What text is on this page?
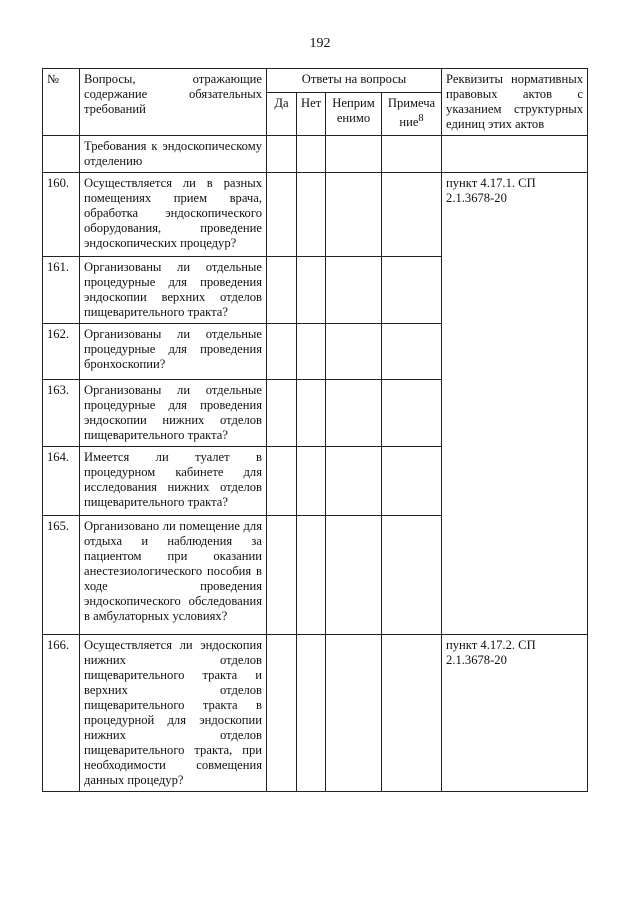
192
№	Вопросы, отражающие содержание обязательных требований	Ответы на вопросы				Реквизиты нормативных правовых актов с указанием структурных единиц этих актов
		Да	Нет	Неприм енимо	Примеча ние$^8$
	Требования к эндоскопическому отделению					
160.	Осуществляется ли в разных помещениях прием врача, обработка эндоскопического оборудования, проведение эндоскопических процедур?					пункт 4.17.1. СП 2.1.3678-20
161.	Организованы ли отдельные процедурные для проведения эндоскопии верхних отделов пищеварительного тракта?					
162.	Организованы ли отдельные процедурные для проведения бронхоскопии?					
163.	Организованы ли отдельные процедурные для проведения эндоскопии нижних отделов пищеварительного тракта?					
164.	Имеется ли туалет в процедурном кабинете для исследования нижних отделов пищеварительного тракта?					
165.	Организовано ли помещение для отдыха и наблюдения за пациентом при оказании анестезиологического пособия в ходе проведения эндоскопического обследования в амбулаторных условиях?					
166.	Осуществляется ли эндоскопия нижних отделов пищеварительного тракта и верхних отделов пищеварительного тракта в процедурной для эндоскопии нижних отделов пищеварительного тракта, при необходимости совмещения данных процедур?					пункт 4.17.2. СП 2.1.3678-20
